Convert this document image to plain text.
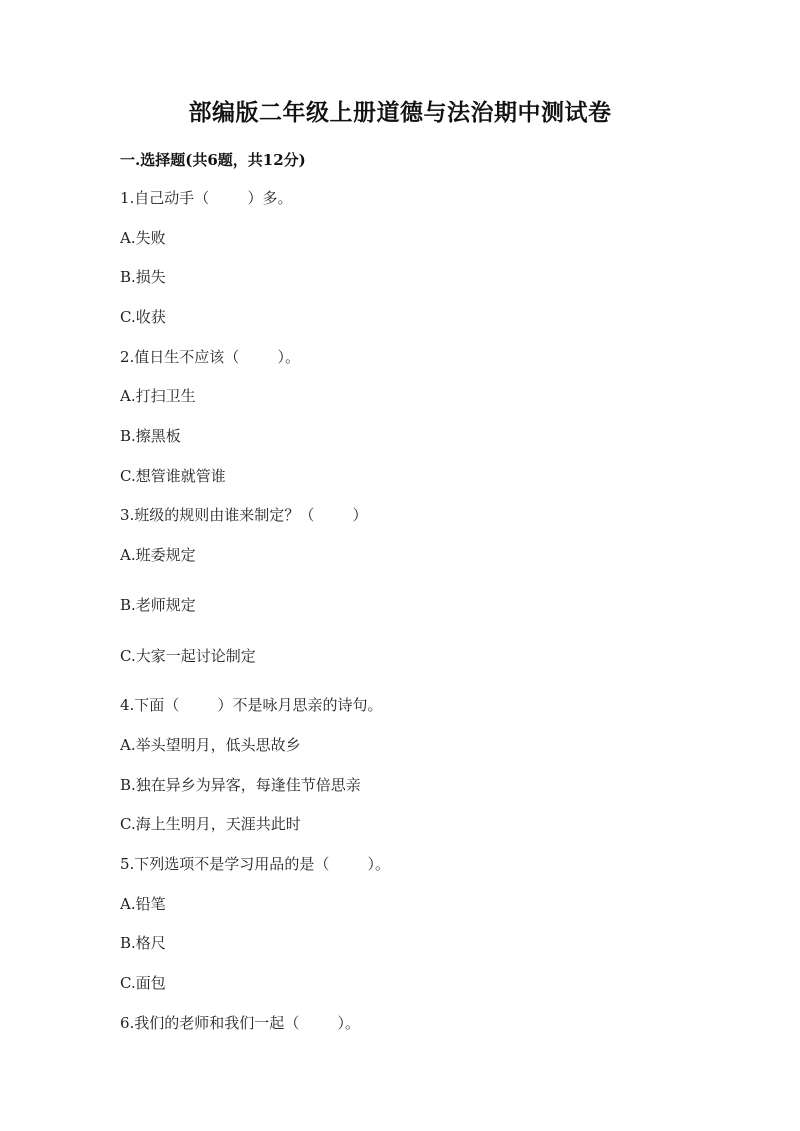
部编版二年级上册道德与法治期中测试卷
一.选择题(共6题，共12分)
1.自己动手（        ）多。
A.失败
B.损失
C.收获
2.值日生不应该（        ）。
A.打扫卫生
B.擦黑板
C.想管谁就管谁
3.班级的规则由谁来制定？（        ）
A.班委规定
B.老师规定
C.大家一起讨论制定
4.下面（        ）不是咏月思亲的诗句。
A.举头望明月，低头思故乡
B.独在异乡为异客，每逢佳节倍思亲
C.海上生明月，天涯共此时
5.下列选项不是学习用品的是（        ）。
A.铅笔
B.格尺
C.面包
6.我们的老师和我们一起（        ）。
